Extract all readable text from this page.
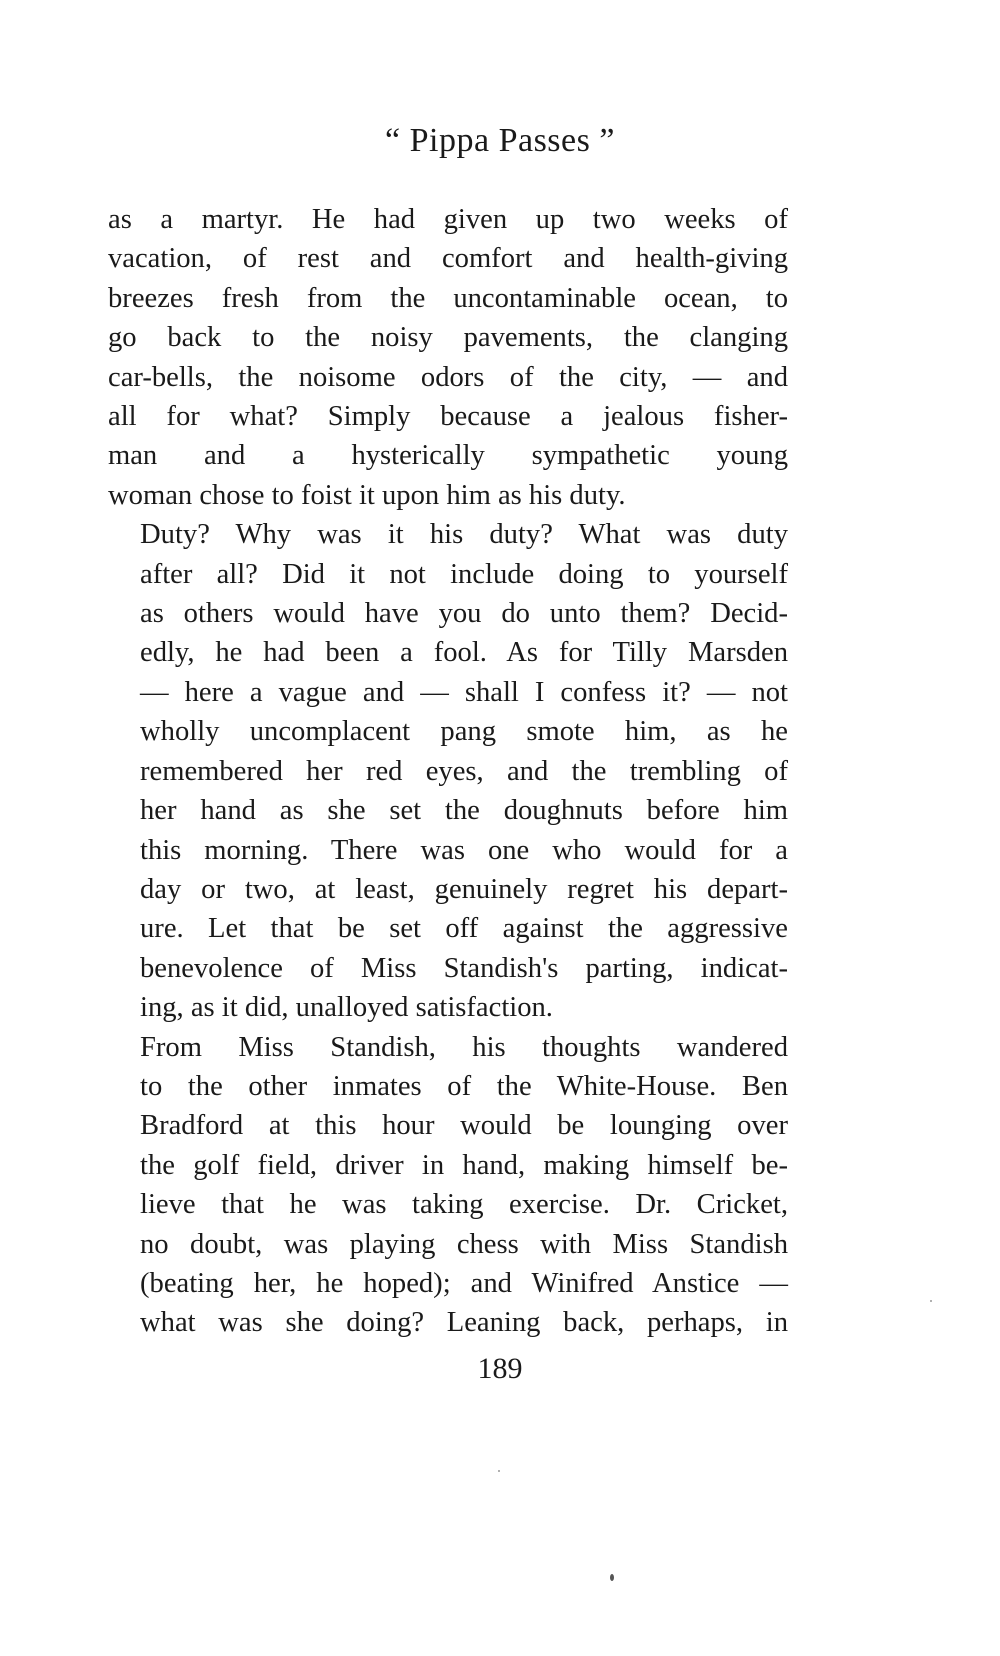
“ Pippa Passes ”

as a martyr. He had given up two weeks of
vacation, of rest and comfort and health-giving
breezes fresh from the uncontaminable ocean, to
go back to the noisy pavements, the clanging
car-bells, the noisome odors of the city, — and
all for what? Simply because a jealous fisher-
man and a hysterically sympathetic young
woman chose to foist it upon him as his duty.

Duty? Why was it his duty? What was duty
after all? Did it not include doing to yourself
as others would have you do unto them? Decid-
edly, he had been a fool. As for Tilly Marsden
— here a vague and — shall I confess it? — not
wholly uncomplacent pang smote him, as he
remembered her red eyes, and the trembling of
her hand as she set the doughnuts before him
this morning. There was one who would for a
day or two, at least, genuinely regret his depart-
ure. Let that be set off against the aggressive
benevolence of Miss Standish's parting, indicat-
ing, as it did, unalloyed satisfaction.

From Miss Standish, his thoughts wandered
to the other inmates of the White-House. Ben
Bradford at this hour would be lounging over
the golf field, driver in hand, making himself be-
lieve that he was taking exercise. Dr. Cricket,
no doubt, was playing chess with Miss Standish
(beating her, he hoped); and Winifred Anstice —
what was she doing? Leaning back, perhaps, in

189
